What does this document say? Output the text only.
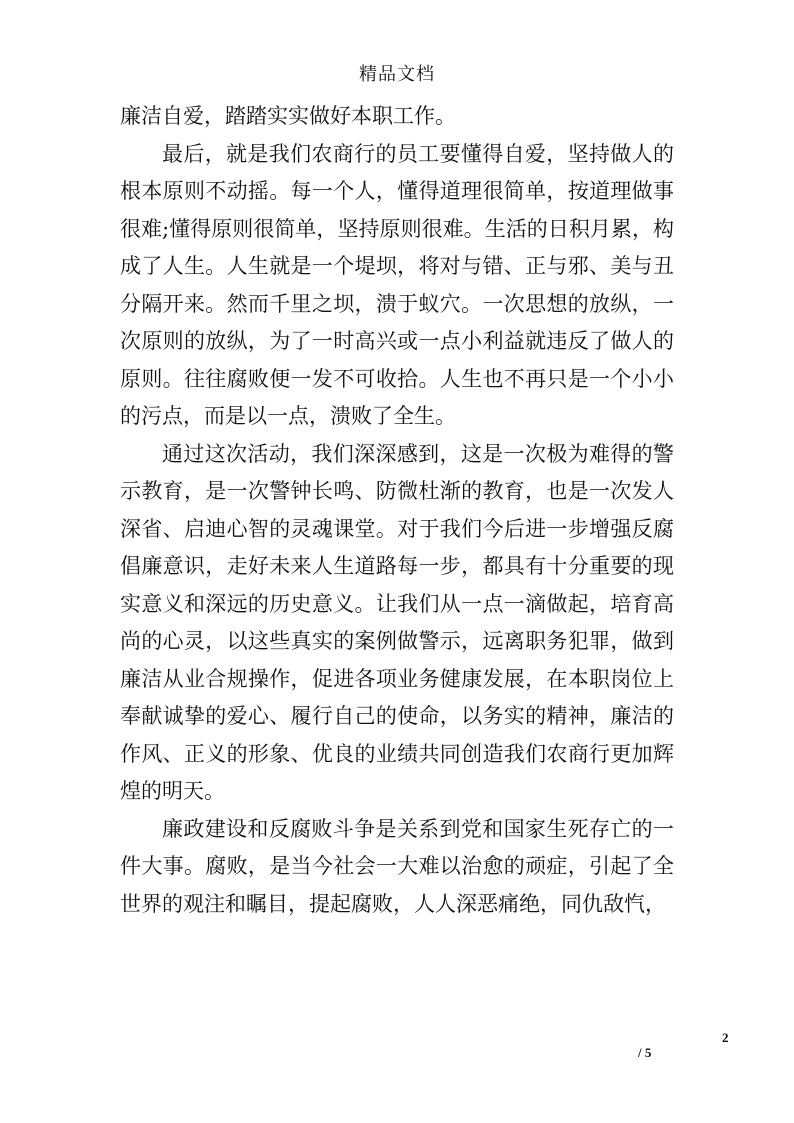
精品文档

廉洁自爱，踏踏实实做好本职工作。

最后，就是我们农商行的员工要懂得自爱，坚持做人的根本原则不动摇。每一个人，懂得道理很简单，按道理做事很难;懂得原则很简单，坚持原则很难。生活的日积月累，构成了人生。人生就是一个堤坝，将对与错、正与邪、美与丑分隔开来。然而千里之坝，溃于蚁穴。一次思想的放纵，一次原则的放纵，为了一时高兴或一点小利益就违反了做人的原则。往往腐败便一发不可收拾。人生也不再只是一个小小的污点，而是以一点，溃败了全生。

通过这次活动，我们深深感到，这是一次极为难得的警示教育，是一次警钟长鸣、防微杜渐的教育，也是一次发人深省、启迪心智的灵魂课堂。对于我们今后进一步增强反腐倡廉意识，走好未来人生道路每一步，都具有十分重要的现实意义和深远的历史意义。让我们从一点一滴做起，培育高尚的心灵，以这些真实的案例做警示，远离职务犯罪，做到廉洁从业合规操作，促进各项业务健康发展，在本职岗位上奉献诚挚的爱心、履行自己的使命，以务实的精神，廉洁的作风、正义的形象、优良的业绩共同创造我们农商行更加辉煌的明天。

廉政建设和反腐败斗争是关系到党和国家生死存亡的一件大事。腐败，是当今社会一大难以治愈的顽症，引起了全世界的观注和瞩目，提起腐败，人人深恶痛绝，同仇敌忾，

2
/ 5
